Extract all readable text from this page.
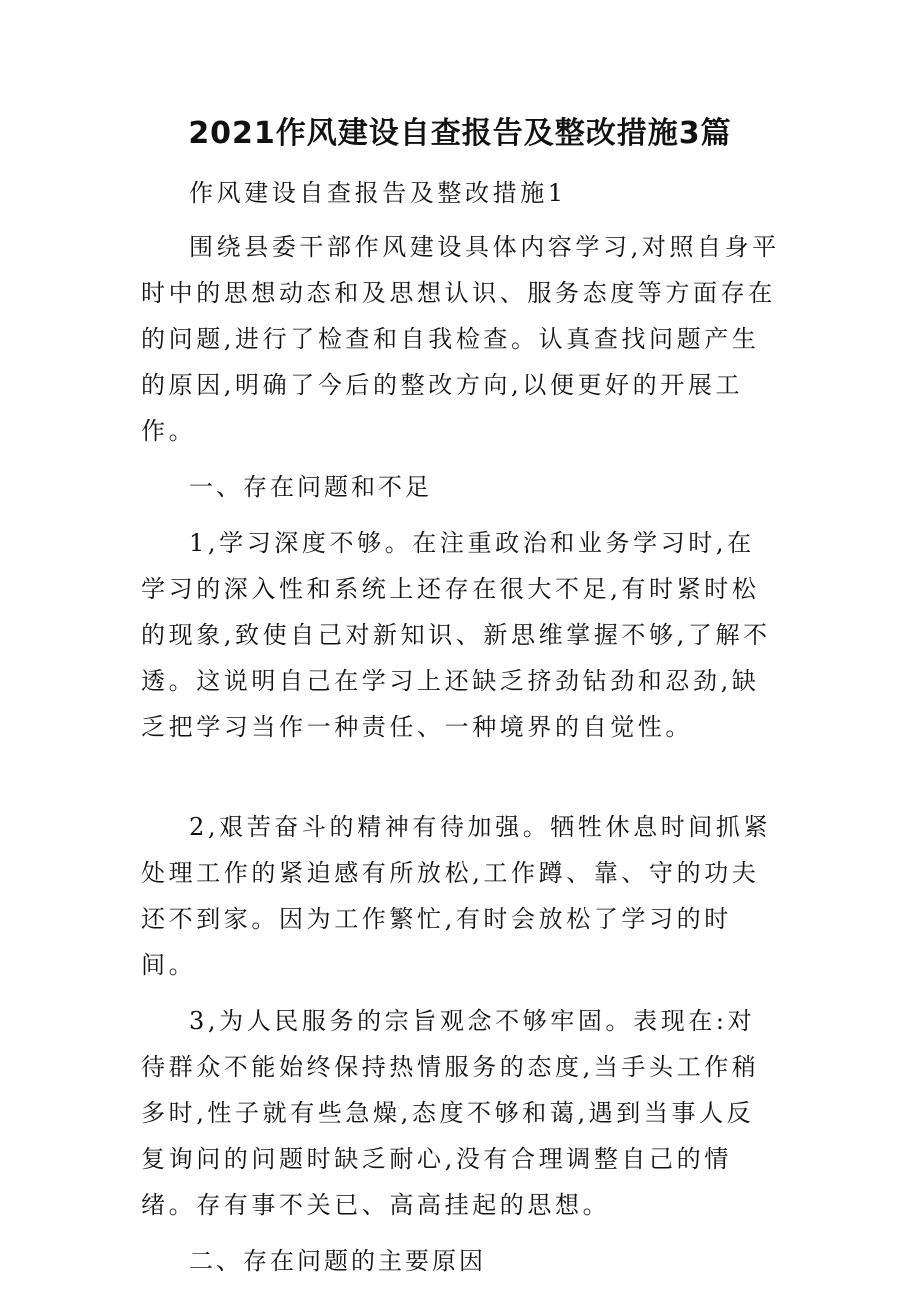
2021作风建设自查报告及整改措施3篇

作风建设自查报告及整改措施1

围绕县委干部作风建设具体内容学习,对照自身平时中的思想动态和及思想认识、服务态度等方面存在的问题,进行了检查和自我检查。认真查找问题产生的原因,明确了今后的整改方向,以便更好的开展工作。

一、存在问题和不足

1,学习深度不够。在注重政治和业务学习时,在学习的深入性和系统上还存在很大不足,有时紧时松的现象,致使自己对新知识、新思维掌握不够,了解不透。这说明自己在学习上还缺乏挤劲钻劲和忍劲,缺乏把学习当作一种责任、一种境界的自觉性。

2,艰苦奋斗的精神有待加强。牺牲休息时间抓紧处理工作的紧迫感有所放松,工作蹲、靠、守的功夫还不到家。因为工作繁忙,有时会放松了学习的时间。

3,为人民服务的宗旨观念不够牢固。表现在:对待群众不能始终保持热情服务的态度,当手头工作稍多时,性子就有些急燥,态度不够和蔼,遇到当事人反复询问的问题时缺乏耐心,没有合理调整自己的情绪。存有事不关已、高高挂起的思想。

二、存在问题的主要原因
